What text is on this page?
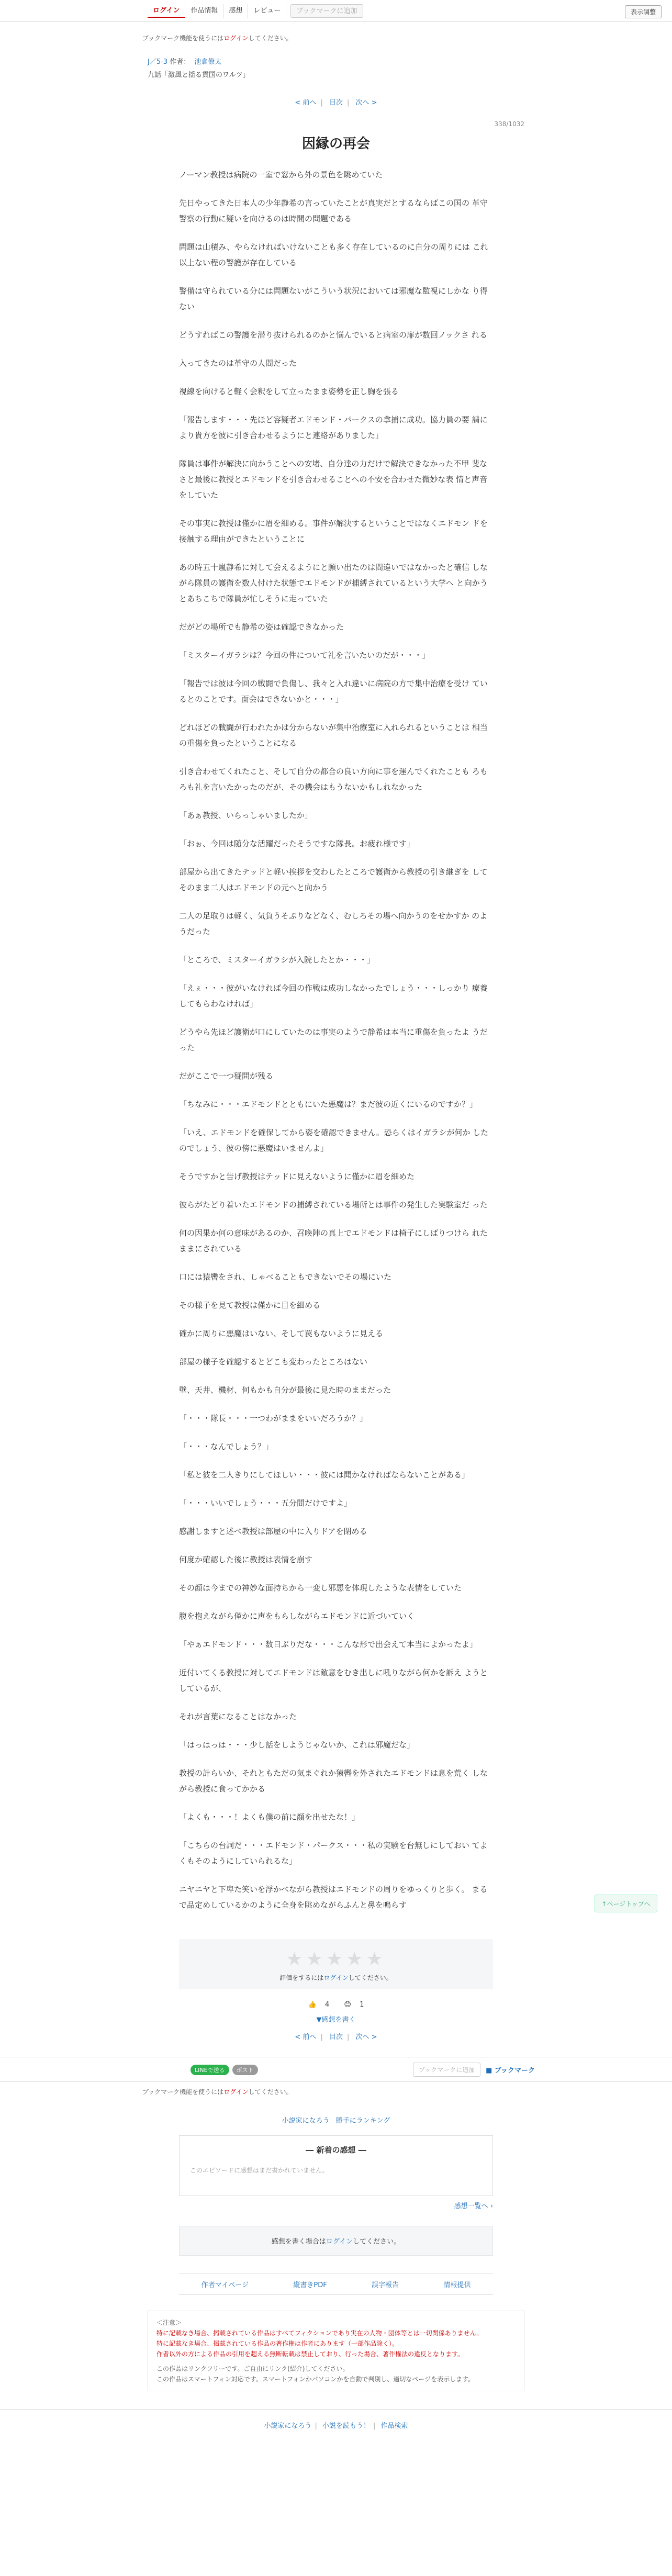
ログイン	作品情報	感想	レビュー	ブックマークに追加	表示調整
ブックマーク機能を使うにはログインしてください。
J／5-3 作者： 池倉僚太
九話「激風と揺る貫国のワルツ」
< 前へ | 目次 | 次へ >
338/1032
因縁の再会

ノーマン教授は病院の一室で窓から外の景色を眺めていた

先日やってきた日本人の少年静希の言っていたことが真実だとするならばこの国の 革守警察の行動に疑いを向けるのは時間の問題である

問題は山積み、やらなければいけないことも多く存在しているのに自分の周りには これ以上ない程の警護が存在している

警備は守られている分には問題ないがこういう状況においては邪魔な監視にしかな り得ない

どうすればこの警護を潜り抜けられるのかと悩んでいると病室の扉が数回ノックさ れる

入ってきたのは革守の人間だった

視線を向けると軽く会釈をして立ったまま姿勢を正し胸を張る

「報告します・・・先ほど容疑者エドモンド・パークスの拿捕に成功。協力員の要 請により貴方を彼に引き合わせるようにと連絡がありました」

隊員は事件が解決に向かうことへの安堵、自分達の力だけで解決できなかった不甲 斐なさと最後に教授とエドモンドを引き合わせることへの不安を合わせた微妙な表 情と声音をしていた

その事実に教授は僅かに眉を細める。事件が解決するということではなくエドモン ドを接触する理由ができたということに

あの時五十嵐静希に対して会えるようにと願い出たのは間違いではなかったと確信 しながら隊員の護衛を数人付けた状態でエドモンドが捕縛されているという大学へ と向かうとあちこちで隊員が忙しそうに走っていた

だがどの場所でも静希の姿は確認できなかった

「ミスターイガラシは？今回の件について礼を言いたいのだが・・・」

「報告では彼は今回の戦闘で負傷し、我々と入れ違いに病院の方で集中治療を受け ているとのことです。面会はできないかと・・・」

どれほどの戦闘が行われたかは分からないが集中治療室に入れられるということは 相当の重傷を負ったということになる

引き合わせてくれたこと、そして自分の都合の良い方向に事を運んでくれたことも ろもろも礼を言いたかったのだが、その機会はもうないかもしれなかった

「あぁ教授、いらっしゃいましたか」

「おぉ、今回は随分な活躍だったそうですな隊長。お疲れ様です」

部屋から出てきたテッドと軽い挨拶を交わしたところで護衛から教授の引き継ぎを してそのまま二人はエドモンドの元へと向かう

二人の足取りは軽く、気負うそぶりなどなく、むしろその場へ向かうのをせかすか のようだった

「ところで、ミスターイガラシが入院したとか・・・」

「えぇ・・・彼がいなければ今回の作戦は成功しなかったでしょう・・・しっかり 療養してもらわなければ」

どうやら先ほど護衛が口にしていたのは事実のようで静希は本当に重傷を負ったよ うだった

だがここで一つ疑問が残る

「ちなみに・・・エドモンドとともにいた悪魔は？まだ彼の近くにいるのですか？」

「いえ、エドモンドを確保してから姿を確認できません。恐らくはイガラシが何か したのでしょう、彼の傍に悪魔はいませんよ」

そうですかと告げ教授はテッドに見えないように僅かに眉を細めた

彼らがたどり着いたエドモンドの捕縛されている場所とは事件の発生した実験室だ った

何の因果か何の意味があるのか、召喚陣の真上でエドモンドは椅子にしばりつけら れたままにされている

口には猿轡をされ、しゃべることもできないでその場にいた

その様子を見て教授は僅かに目を細める

確かに周りに悪魔はいない、そして罠もないように見える

部屋の様子を確認するとどこも変わったところはない

壁、天井、機材、何もかも自分が最後に見た時のままだった

「・・・隊長・・・一つわがままをいいだろうか？」

「・・・なんでしょう？」

「私と彼を二人きりにしてほしい・・・彼には聞かなければならないことがある」

「・・・いいでしょう・・・五分間だけですよ」

感謝しますと述べ教授は部屋の中に入りドアを閉める

何度か確認した後に教授は表情を崩す

その顔は今までの神妙な面持ちから一変し邪悪を体現したような表情をしていた

腹を抱えながら僅かに声をもらしながらエドモンドに近づいていく

「やぁエドモンド・・・数日ぶりだな・・・こんな形で出会えて本当によかったよ」

近付いてくる教授に対してエドモンドは敵意をむき出しに吼りながら何かを訴え ようとしているが、

それが言葉になることはなかった

「はっはっは・・・少し話をしようじゃないか、これは邪魔だな」

教授の計らいか、それともただの気まぐれか猿轡を外されたエドモンドは息を荒く しながら教授に食ってかかる

「よくも・・・！よくも僕の前に顔を出せたな！」

「こちらの台詞だ・・・エドモンド・パークス・・・私の実験を台無しにしておい てよくもそのようにしていられるな」

ニヤニヤと下卑た笑いを浮かべながら教授はエドモンドの周りをゆっくりと歩く。 まるで品定めしているかのように全身を眺めながらふんと鼻を鳴らす	↑ページトップへ
★★★★★
評価をするにはログインしてください。
👍 4 😊 1
▼感想を書く
< 前へ | 目次 | 次へ >
LINEで送る	ポスト	ブックマークに追加	■ ブックマーク
ブックマーク機能を使うにはログインしてください。
小説家になろう 勝手にランキング
― 新着の感想 ―
このエピソードに感想はまだ書かれていません。
感想一覧へ ›
感想を書く場合はログインしてください。
作者マイページ	縦書きPDF	誤字報告	情報提供
＜注意＞
特に記載なき場合、掲載されている作品はすべてフィクションであり実在の人物・団体等とは一切関係ありません。
特に記載なき場合、掲載されている作品の著作権は作者にあります（一部作品除く）。
作者以外の方による作品の引用を超える無断転載は禁止しており、行った場合、著作権法の違反となります。
この作品はリンクフリーです。ご自由にリンク(紹介)してください。
この作品はスマートフォン対応です。スマートフォンかパソコンかを自動で判別し、適切なページを表示します。
小説家になろう | 小説を読もう！ | 作品検索
